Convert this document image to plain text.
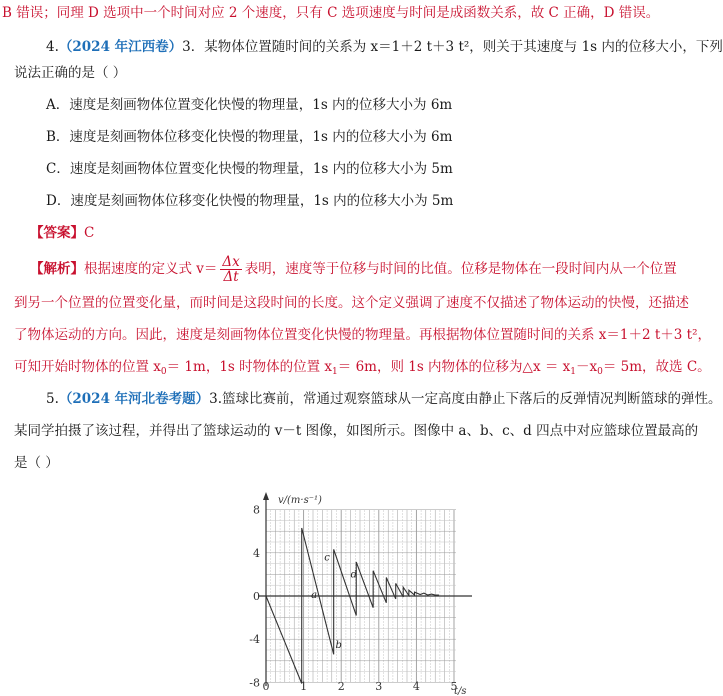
B 错误；同理 D 选项中一个时间对应 2 个速度，只有 C 选项速度与时间是成函数关系，故 C 正确，D 错误。
4.（2024 年江西卷）3．某物体位置随时间的关系为 x＝1＋2 t＋3 t²，则关于其速度与 1s 内的位移大小，下列
说法正确的是（ ）
A．速度是刻画物体位置变化快慢的物理量，1s 内的位移大小为 6m
B．速度是刻画物体位移变化快慢的物理量，1s 内的位移大小为 6m
C．速度是刻画物体位置变化快慢的物理量，1s 内的位移大小为 5m
D．速度是刻画物体位移变化快慢的物理量，1s 内的位移大小为 5m
【答案】C
【解析】根据速度的定义式 $v= \frac{\Delta x}{\Delta t}$ 表明，速度等于位移与时间的比值。位移是物体在一段时间内从一个位置
到另一个位置的位置变化量，而时间是这段时间的长度。这个定义强调了速度不仅描述了物体运动的快慢，还描述
了物体运动的方向。因此，速度是刻画物体位置变化快慢的物理量。再根据物体位置随时间的关系 x＝1＋2 t＋3 t²，
可知开始时物体的位置 $x_0= 1m$，1s 时物体的位置 $x_1= 6m$，则 1s 内物体的位移为△x ＝ $x_1-x_0= 5m$，故选 C。
5.（2024 年河北卷考题）3.篮球比赛前，常通过观察篮球从一定高度由静止下落后的反弹情况判断篮球的弹性。
某同学拍摄了该过程，并得出了篮球运动的 v－t 图像，如图所示。图像中 a、b、c、d 四点中对应篮球位置最高的
是（ ）
v/(m·s⁻¹)
t/s
8
4
0
-4
-8 0	1	2	3	4	5
a
b
c
d
